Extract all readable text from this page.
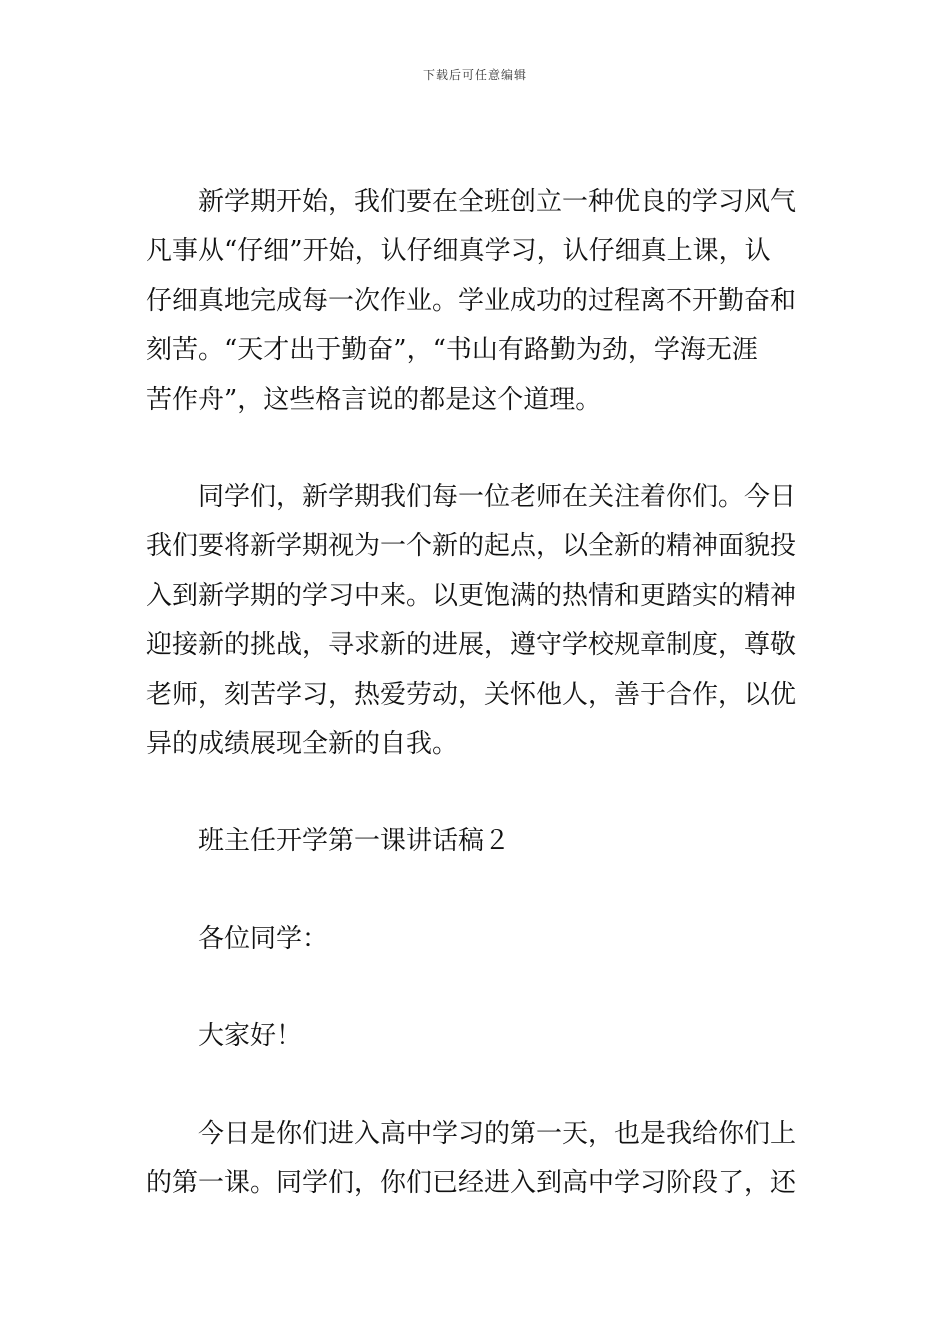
下载后可任意编辑

新学期开始，我们要在全班创立一种优良的学习风气
凡事从“仔细”开始，认仔细真学习，认仔细真上课，认
仔细真地完成每一次作业。学业成功的过程离不开勤奋和
刻苦。“天才出于勤奋”，“书山有路勤为劲，学海无涯
苦作舟”，这些格言说的都是这个道理。

同学们，新学期我们每一位老师在关注着你们。今日
我们要将新学期视为一个新的起点，以全新的精神面貌投
入到新学期的学习中来。以更饱满的热情和更踏实的精神
迎接新的挑战，寻求新的进展，遵守学校规章制度，尊敬
老师，刻苦学习，热爱劳动，关怀他人，善于合作，以优
异的成绩展现全新的自我。

班主任开学第一课讲话稿２

各位同学：

大家好！

今日是你们进入高中学习的第一天，也是我给你们上
的第一课。同学们，你们已经进入到高中学习阶段了，还
